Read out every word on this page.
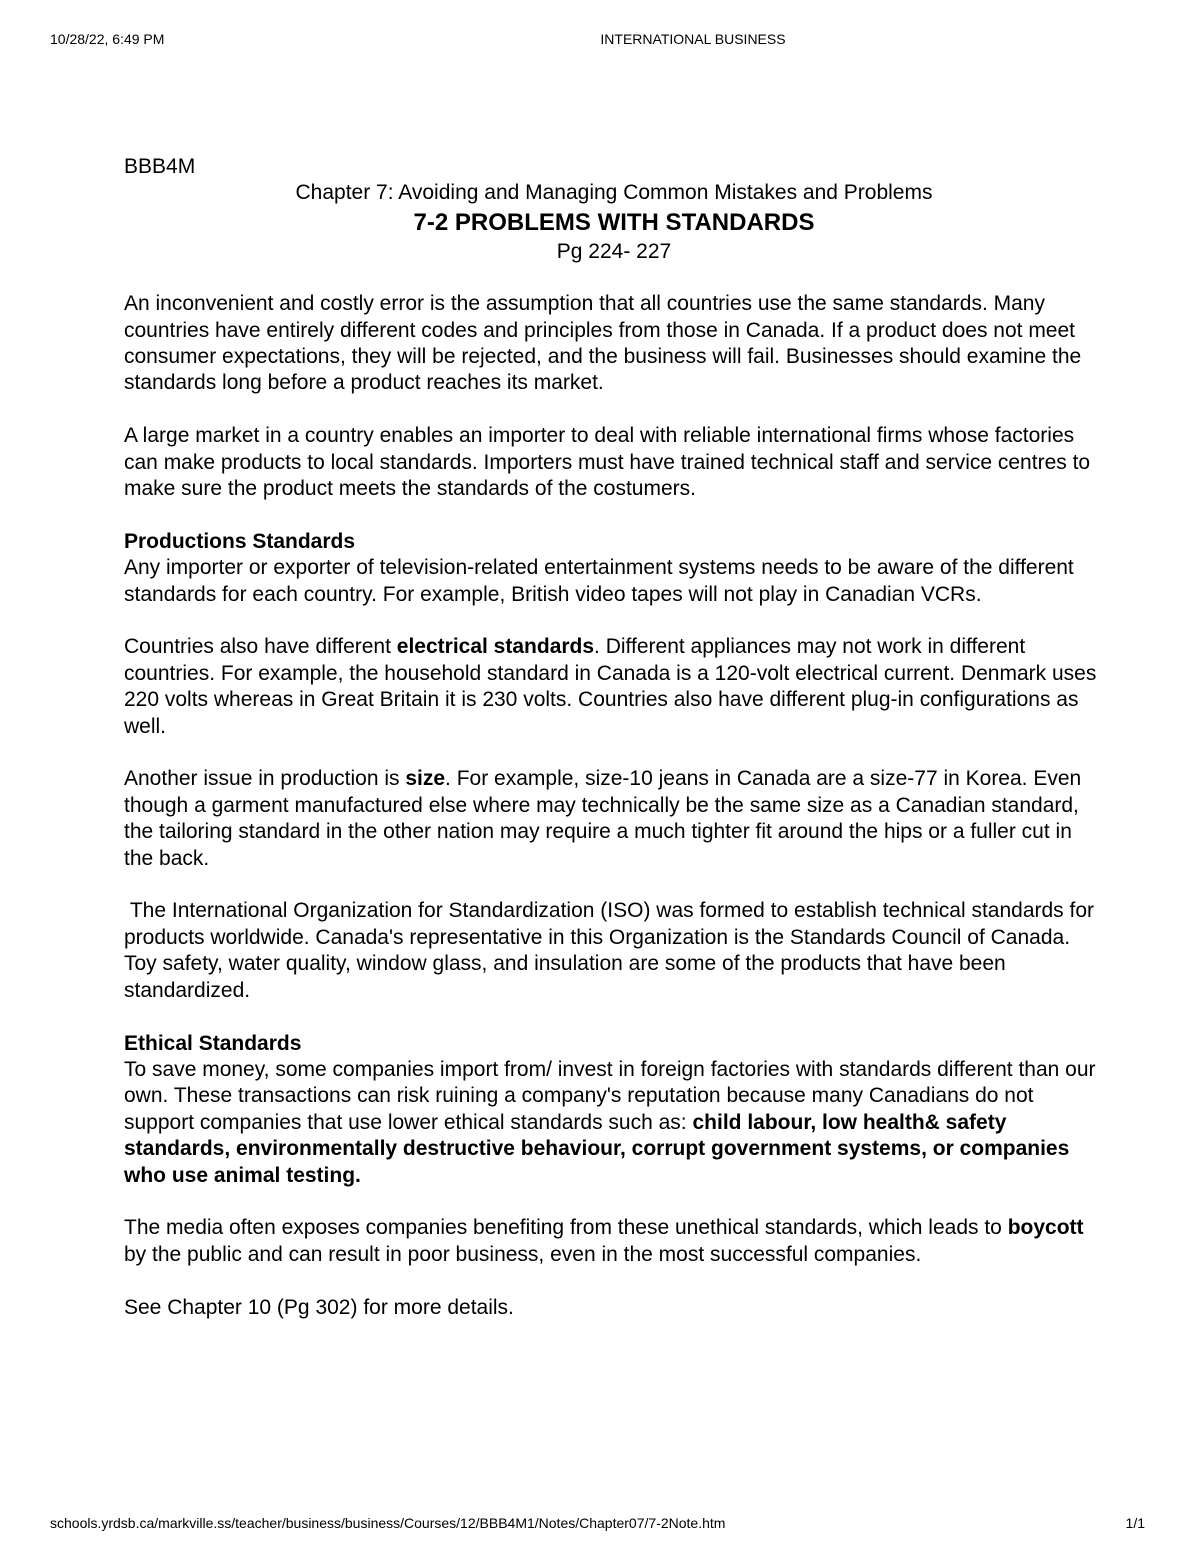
10/28/22, 6:49 PM	INTERNATIONAL BUSINESS

BBB4M

Chapter 7: Avoiding and Managing Common Mistakes and Problems

7-2 PROBLEMS WITH STANDARDS

Pg 224- 227

An inconvenient and costly error is the assumption that all countries use the same standards. Many countries have entirely different codes and principles from those in Canada. If a product does not meet consumer expectations, they will be rejected, and the business will fail. Businesses should examine the standards long before a product reaches its market.

A large market in a country enables an importer to deal with reliable international firms whose factories can make products to local standards. Importers must have trained technical staff and service centres to make sure the product meets the standards of the costumers.

Productions Standards
Any importer or exporter of television-related entertainment systems needs to be aware of the different standards for each country. For example, British video tapes will not play in Canadian VCRs.

Countries also have different electrical standards. Different appliances may not work in different countries. For example, the household standard in Canada is a 120-volt electrical current. Denmark uses 220 volts whereas in Great Britain it is 230 volts. Countries also have different plug-in configurations as well.

Another issue in production is size. For example, size-10 jeans in Canada are a size-77 in Korea. Even though a garment manufactured else where may technically be the same size as a Canadian standard, the tailoring standard in the other nation may require a much tighter fit around the hips or a fuller cut in the back.

The International Organization for Standardization (ISO) was formed to establish technical standards for products worldwide. Canada's representative in this Organization is the Standards Council of Canada. Toy safety, water quality, window glass, and insulation are some of the products that have been standardized.

Ethical Standards
To save money, some companies import from/ invest in foreign factories with standards different than our own. These transactions can risk ruining a company's reputation because many Canadians do not support companies that use lower ethical standards such as: child labour, low health& safety standards, environmentally destructive behaviour, corrupt government systems, or companies who use animal testing.

The media often exposes companies benefiting from these unethical standards, which leads to boycott by the public and can result in poor business, even in the most successful companies.

See Chapter 10 (Pg 302) for more details.

schools.yrdsb.ca/markville.ss/teacher/business/business/Courses/12/BBB4M1/Notes/Chapter07/7-2Note.htm	1/1
